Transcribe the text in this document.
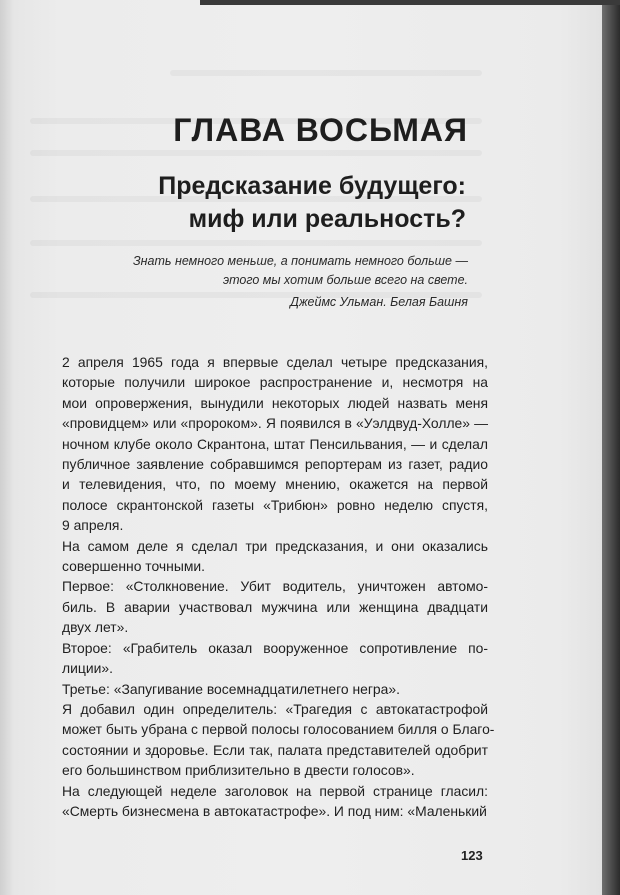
ГЛАВА ВОСЬМАЯ
Предсказание будущего:
миф или реальность?
Знать немного меньше, а понимать немного больше —
этого мы хотим больше всего на свете.
Джеймс Ульман. Белая Башня

2 апреля 1965 года я впервые сделал четыре предсказания,
которые получили широкое распространение и, несмотря на
мои опровержения, вынудили некоторых людей назвать меня
«провидцем» или «пророком». Я появился в «Уэлдвуд-Холле» —
ночном клубе около Скрантона, штат Пенсильвания, — и сделал
публичное заявление собравшимся репортерам из газет, радио
и телевидения, что, по моему мнению, окажется на первой
полосе скрантонской газеты «Трибюн» ровно неделю спустя,
9 апреля.

На самом деле я сделал три предсказания, и они оказались
совершенно точными.

Первое: «Столкновение. Убит водитель, уничтожен автомо-
биль. В аварии участвовал мужчина или женщина двадцати
двух лет».

Второе: «Грабитель оказал вооруженное сопротивление по-
лиции».

Третье: «Запугивание восемнадцатилетнего негра».

Я добавил один определитель: «Трагедия с автокатастрофой
может быть убрана с первой полосы голосованием билля о Благо-
состоянии и здоровье. Если так, палата представителей одобрит
его большинством приблизительно в двести голосов».

На следующей неделе заголовок на первой странице гласил:
«Смерть бизнесмена в автокатастрофе». И под ним: «Маленький

123
